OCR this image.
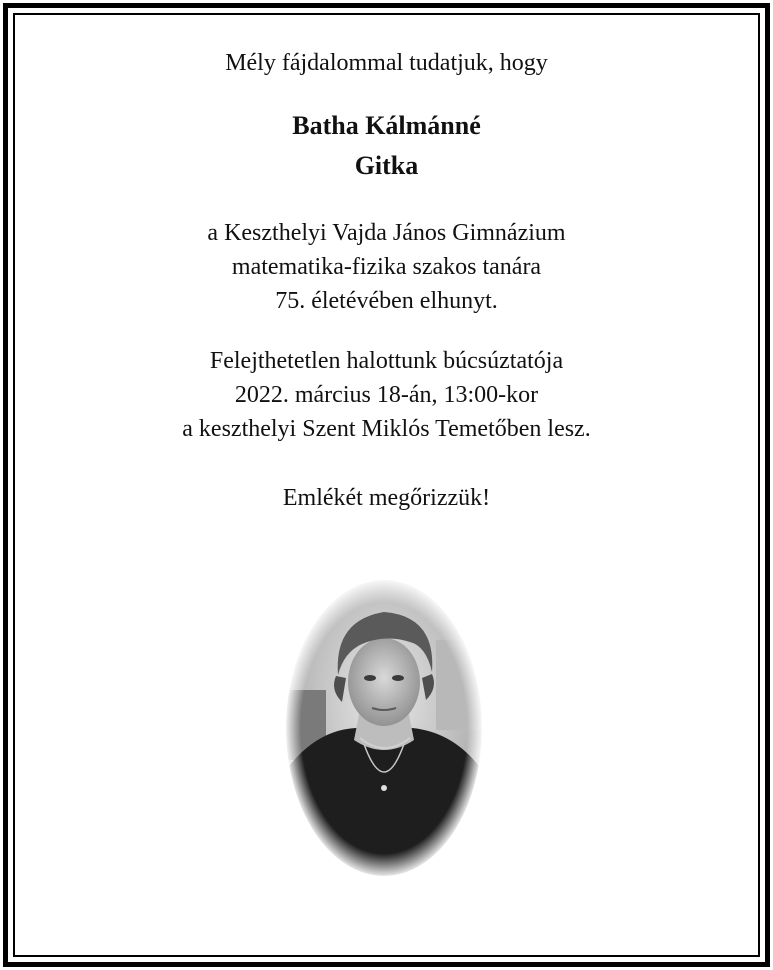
Mély fájdalommal tudatjuk, hogy
Batha Kálmánné
Gitka
a Keszthelyi Vajda János Gimnázium
matematika-fizika szakos tanára
75. életévében elhunyt.
Felejthetetlen halottunk búcsúztatója
2022. március 18-án, 13:00-kor
a keszthelyi Szent Miklós Temetőben lesz.
Emlékét megőrizzük!
